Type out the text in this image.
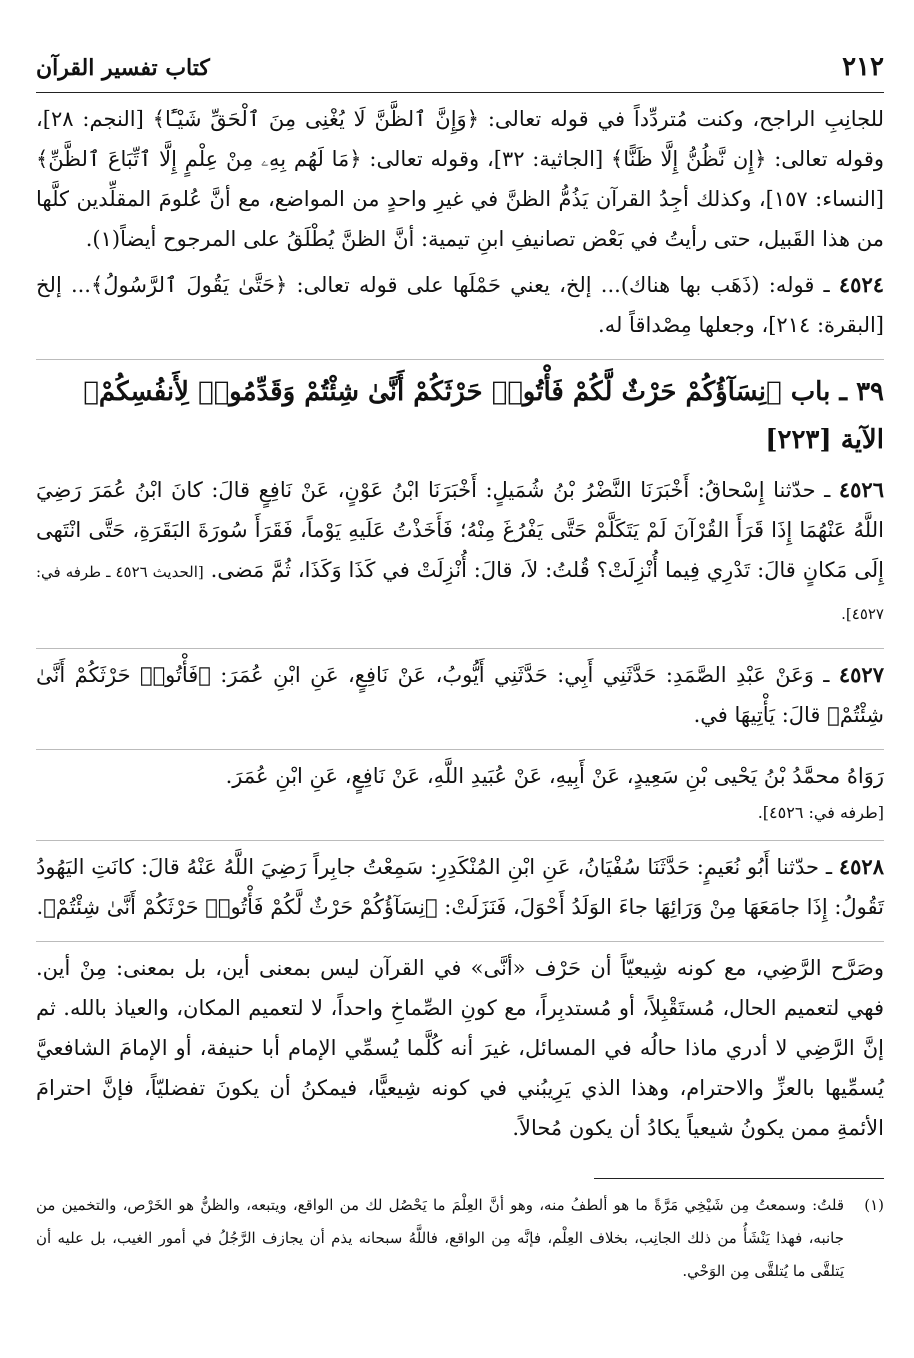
٢١٢
كتاب تفسير القرآن

للجانِبِ الراجح، وكنت مُتردِّداً في قوله تعالى: ﴿وَإِنَّ ٱلظَّنَّ لَا يُغْنِى مِنَ ٱلْحَقِّ شَيْـًٔا﴾ [النجم: ٢٨]، وقوله تعالى: ﴿إِن نَّظُنُّ إِلَّا ظَنًّا﴾ [الجاثية: ٣٢]، وقوله تعالى: ﴿مَا لَهُم بِهِۦ مِنْ عِلْمٍ إِلَّا ٱتِّبَاعَ ٱلظَّنِّ﴾ [النساء: ١٥٧]، وكذلك أجِدُ القرآن يَذُمُّ الظنَّ في غيرِ واحدٍ من المواضع، مع أنَّ عُلومَ المقلِّدين كلَّها من هذا القَبيل، حتى رأيتُ في بَعْض تصانيفِ ابنِ تيمية: أنَّ الظنَّ يُطْلَقُ على المرجوح أيضاً(١).

٤٥٢٤ ـ قوله: (ذَهَب بها هناك)... إلخ، يعني حَمْلَها على قوله تعالى: ﴿حَتَّىٰ يَقُولَ ٱلرَّسُولُ﴾... إلخ [البقرة: ٢١٤]، وجعلها مِصْداقاً له.

٣٩ ـ باب ﴿نِسَآؤُكُمْ حَرْثٌ لَّكُمْ فَأْتُوا۟ حَرْثَكُمْ أَنَّىٰ شِئْتُمْ وَقَدِّمُوا۟ لِأَنفُسِكُمْ﴾ الآية [٢٢٣]

٤٥٢٦ ـ حدّثنا إِسْحاقُ: أَخْبَرَنَا النَّضْرُ بْنُ شُمَيلٍ: أَخْبَرَنَا ابْنُ عَوْنٍ، عَنْ نَافِعٍ قالَ: كانَ ابْنُ عُمَرَ رَضِيَ اللَّهُ عَنْهُمَا إِذَا قَرَأَ القُرْآنَ لَمْ يَتَكَلَّمْ حَتَّى يَفْرُغَ مِنْهُ؛ فَأَخَذْتُ عَلَيهِ يَوْماً، فَقَرَأَ سُورَةَ البَقَرَةِ، حَتَّى انْتَهى إِلَى مَكانٍ قالَ: تَدْرِي فِيما أُنْزِلَتْ؟ قُلتُ: لاَ، قالَ: أُنْزِلَتْ في كَذَا وَكَذَا، ثُمَّ مَضى. [الحديث ٤٥٢٦ ـ طرفه في: ٤٥٢٧].

٤٥٢٧ ـ وَعَنْ عَبْدِ الصَّمَدِ: حَدَّثَنِي أَبِي: حَدَّثَنِي أَيُّوبُ، عَنْ نَافِعٍ، عَنِ ابْنِ عُمَرَ: ﴿فَأْتُوا۟ حَرْثَكُمْ أَنَّىٰ شِئْتُمْ﴾ قالَ: يَأْتِيهَا في.

رَوَاهُ محمَّدُ بْنُ يَحْيى بْنِ سَعِيدٍ، عَنْ أَبِيهِ، عَنْ عُبَيدِ اللَّهِ، عَنْ نَافِعٍ، عَنِ ابْنِ عُمَرَ.

[طرفه في: ٤٥٢٦].

٤٥٢٨ ـ حدّثنا أَبُو نُعَيمٍ: حَدَّثَنَا سُفْيَانُ، عَنِ ابْنِ المُنْكَدِرِ: سَمِعْتُ جابِراً رَضِيَ اللَّهُ عَنْهُ قالَ: كانَتِ اليَهُودُ تَقُولُ: إِذَا جامَعَهَا مِنْ وَرَائِهَا جاءَ الوَلَدُ أَحْوَلَ، فَنَزَلَتْ: ﴿نِسَآؤُكُمْ حَرْثٌ لَّكُمْ فَأْتُوا۟ حَرْثَكُمْ أَنَّىٰ شِئْتُمْ﴾.

وصَرَّح الرَّضِي، مع كونه شِيعيّاً أن حَرْف «أنَّى» في القرآن ليس بمعنى أين، بل بمعنى: مِنْ أين. فهي لتعميم الحال، مُستَقْبِلاً، أو مُستدبِراً، مع كونِ الصِّماخِ واحداً، لا لتعميم المكان، والعياذ بالله. ثم إنَّ الرَّضِي لا أدري ماذا حالُه في المسائل، غيرَ أنه كُلَّما يُسمِّي الإمام أبا حنيفة، أو الإمامَ الشافعيَّ يُسمِّيها بالعزِّ والاحترام، وهذا الذي يَرِيبُني في كونه شِيعيًّا، فيمكنُ أن يكونَ تفضليّاً، فإنَّ احترامَ الأئمةِ ممن يكونُ شيعياً يكادُ أن يكون مُحالاً.

(١)
قلتُ: وسمعتُ مِن شَيْخِي مَرَّةً ما هو ألطفُ منه، وهو أنَّ العِلْمَ ما يَحْصُل لك من الواقع، ويتبعه، والظنُّ هو الخَرْص، والتخمين من جانبه، فهذا يَنْشَأُ من ذلك الجانِب، بخلاف العِلْم، فإنَّه مِن الواقع، فاللَّهُ سبحانه يذم أن يجازف الرَّجُلُ في أمور الغيب، بل عليه أن يَتلقَّى ما يُتلقَّى مِن الوَحْي.
